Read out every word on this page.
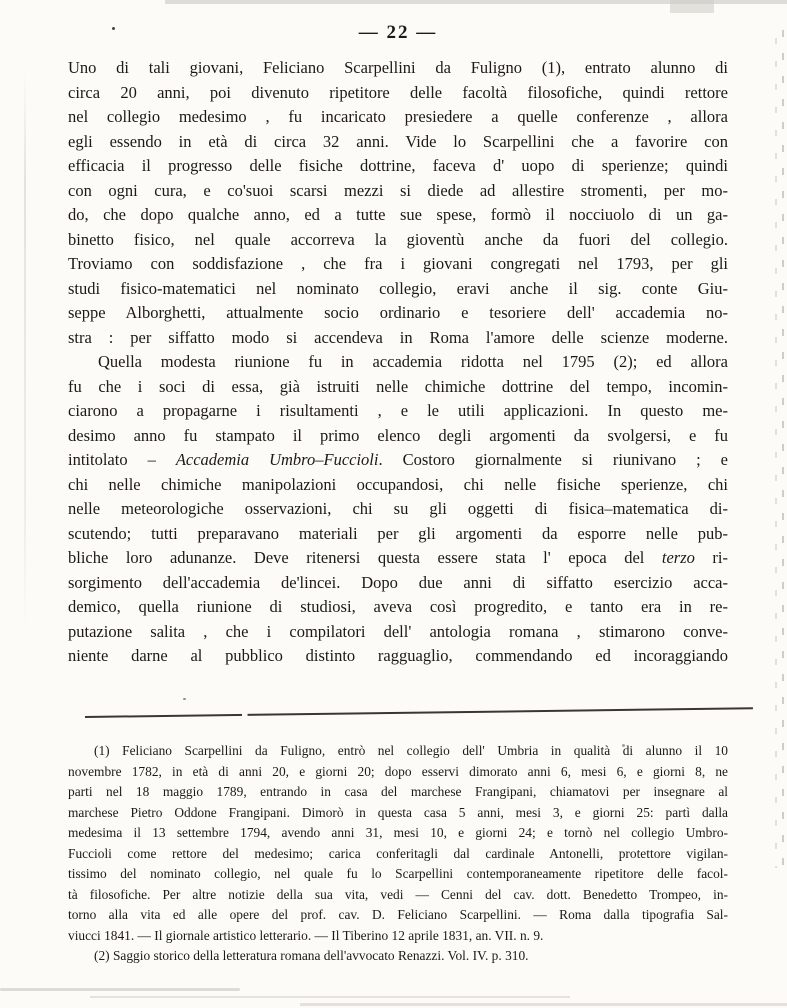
— 22 —
Uno di tali giovani, Feliciano Scarpellini da Fuligno (1), entrato alunno di
circa 20 anni, poi divenuto ripetitore delle facoltà filosofiche, quindi rettore
nel collegio medesimo , fu incaricato presiedere a quelle conferenze , allora
egli essendo in età di circa 32 anni. Vide lo Scarpellini che a favorire con
efficacia il progresso delle fisiche dottrine, faceva d' uopo di sperienze; quindi
con ogni cura, e co'suoi scarsi mezzi si diede ad allestire stromenti, per mo-
do, che dopo qualche anno, ed a tutte sue spese, formò il nocciuolo di un ga-
binetto fisico, nel quale accorreva la gioventù anche da fuori del collegio.
Troviamo con soddisfazione , che fra i giovani congregati nel 1793, per gli
studi fisico-matematici nel nominato collegio, eravi anche il sig. conte Giu-
seppe Alborghetti, attualmente socio ordinario e tesoriere dell' accademia no-
stra : per siffatto modo si accendeva in Roma l'amore delle scienze moderne.
Quella modesta riunione fu in accademia ridotta nel 1795 (2); ed allora
fu che i soci di essa, già istruiti nelle chimiche dottrine del tempo, incomin-
ciarono a propagarne i risultamenti , e le utili applicazioni. In questo me-
desimo anno fu stampato il primo elenco degli argomenti da svolgersi, e fu
intitolato – Accademia Umbro–Fuccioli. Costoro giornalmente si riunivano ; e
chi nelle chimiche manipolazioni occupandosi, chi nelle fisiche sperienze, chi
nelle meteorologiche osservazioni, chi su gli oggetti di fisica–matematica di-
scutendo; tutti preparavano materiali per gli argomenti da esporre nelle pub-
bliche loro adunanze. Deve ritenersi questa essere stata l' epoca del terzo ri-
sorgimento dell'accademia de'lincei. Dopo due anni di siffatto esercizio acca-
demico, quella riunione di studiosi, aveva così progredito, e tanto era in re-
putazione salita , che i compilatori dell' antologia romana , stimarono conve-
niente darne al pubblico distinto ragguaglio, commendando ed incoraggiando
(1) Feliciano Scarpellini da Fuligno, entrò nel collegio dell' Umbria in qualità di alunno il 10
novembre 1782, in età di anni 20, e giorni 20; dopo esservi dimorato anni 6, mesi 6, e giorni 8, ne
parti nel 18 maggio 1789, entrando in casa del marchese Frangipani, chiamatovi per insegnare al
marchese Pietro Oddone Frangipani. Dimorò in questa casa 5 anni, mesi 3, e giorni 25: partì dalla
medesima il 13 settembre 1794, avendo anni 31, mesi 10, e giorni 24; e tornò nel collegio Umbro-
Fuccioli come rettore del medesimo; carica conferitagli dal cardinale Antonelli, protettore vigilan-
tissimo del nominato collegio, nel quale fu lo Scarpellini contemporaneamente ripetitore delle facol-
tà filosofiche. Per altre notizie della sua vita, vedi — Cenni del cav. dott. Benedetto Trompeo, in-
torno alla vita ed alle opere del prof. cav. D. Feliciano Scarpellini. — Roma dalla tipografia Sal-
viucci 1841. — Il giornale artistico letterario. — Il Tiberino 12 aprile 1831, an. VII. n. 9.
(2) Saggio storico della letteratura romana dell'avvocato Renazzi. Vol. IV. p. 310.
